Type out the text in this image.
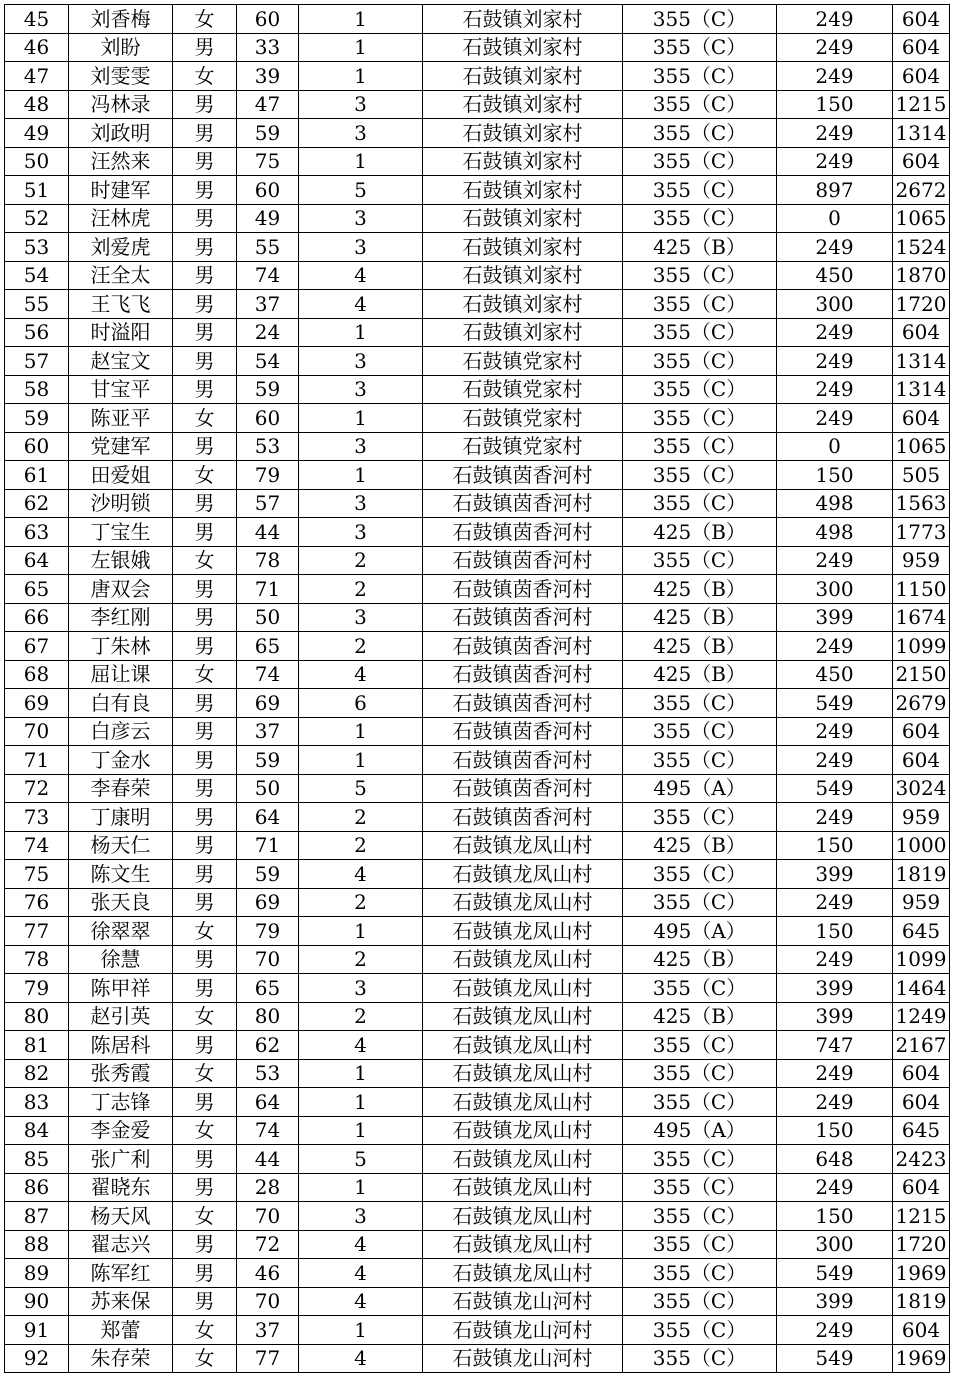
45	刘香梅	女	60	1	石鼓镇刘家村	355（C）	249	604
46	刘盼	男	33	1	石鼓镇刘家村	355（C）	249	604
47	刘雯雯	女	39	1	石鼓镇刘家村	355（C）	249	604
48	冯林录	男	47	3	石鼓镇刘家村	355（C）	150	1215
49	刘政明	男	59	3	石鼓镇刘家村	355（C）	249	1314
50	汪然来	男	75	1	石鼓镇刘家村	355（C）	249	604
51	时建军	男	60	5	石鼓镇刘家村	355（C）	897	2672
52	汪林虎	男	49	3	石鼓镇刘家村	355（C）	0	1065
53	刘爱虎	男	55	3	石鼓镇刘家村	425（B）	249	1524
54	汪全太	男	74	4	石鼓镇刘家村	355（C）	450	1870
55	王飞飞	男	37	4	石鼓镇刘家村	355（C）	300	1720
56	时溢阳	男	24	1	石鼓镇刘家村	355（C）	249	604
57	赵宝文	男	54	3	石鼓镇党家村	355（C）	249	1314
58	甘宝平	男	59	3	石鼓镇党家村	355（C）	249	1314
59	陈亚平	女	60	1	石鼓镇党家村	355（C）	249	604
60	党建军	男	53	3	石鼓镇党家村	355（C）	0	1065
61	田爱姐	女	79	1	石鼓镇茵香河村	355（C）	150	505
62	沙明锁	男	57	3	石鼓镇茵香河村	355（C）	498	1563
63	丁宝生	男	44	3	石鼓镇茵香河村	425（B）	498	1773
64	左银娥	女	78	2	石鼓镇茵香河村	355（C）	249	959
65	唐双会	男	71	2	石鼓镇茵香河村	425（B）	300	1150
66	李红刚	男	50	3	石鼓镇茵香河村	425（B）	399	1674
67	丁朱林	男	65	2	石鼓镇茵香河村	425（B）	249	1099
68	屈让课	女	74	4	石鼓镇茵香河村	425（B）	450	2150
69	白有良	男	69	6	石鼓镇茵香河村	355（C）	549	2679
70	白彦云	男	37	1	石鼓镇茵香河村	355（C）	249	604
71	丁金水	男	59	1	石鼓镇茵香河村	355（C）	249	604
72	李春荣	男	50	5	石鼓镇茵香河村	495（A）	549	3024
73	丁康明	男	64	2	石鼓镇茵香河村	355（C）	249	959
74	杨天仁	男	71	2	石鼓镇龙凤山村	425（B）	150	1000
75	陈文生	男	59	4	石鼓镇龙凤山村	355（C）	399	1819
76	张天良	男	69	2	石鼓镇龙凤山村	355（C）	249	959
77	徐翠翠	女	79	1	石鼓镇龙凤山村	495（A）	150	645
78	徐慧	男	70	2	石鼓镇龙凤山村	425（B）	249	1099
79	陈甲祥	男	65	3	石鼓镇龙凤山村	355（C）	399	1464
80	赵引英	女	80	2	石鼓镇龙凤山村	425（B）	399	1249
81	陈居科	男	62	4	石鼓镇龙凤山村	355（C）	747	2167
82	张秀霞	女	53	1	石鼓镇龙凤山村	355（C）	249	604
83	丁志锋	男	64	1	石鼓镇龙凤山村	355（C）	249	604
84	李金爱	女	74	1	石鼓镇龙凤山村	495（A）	150	645
85	张广利	男	44	5	石鼓镇龙凤山村	355（C）	648	2423
86	翟晓东	男	28	1	石鼓镇龙凤山村	355（C）	249	604
87	杨天风	女	70	3	石鼓镇龙凤山村	355（C）	150	1215
88	翟志兴	男	72	4	石鼓镇龙凤山村	355（C）	300	1720
89	陈军红	男	46	4	石鼓镇龙凤山村	355（C）	549	1969
90	苏来保	男	70	4	石鼓镇龙山河村	355（C）	399	1819
91	郑蕾	女	37	1	石鼓镇龙山河村	355（C）	249	604
92	朱存荣	女	77	4	石鼓镇龙山河村	355（C）	549	1969
